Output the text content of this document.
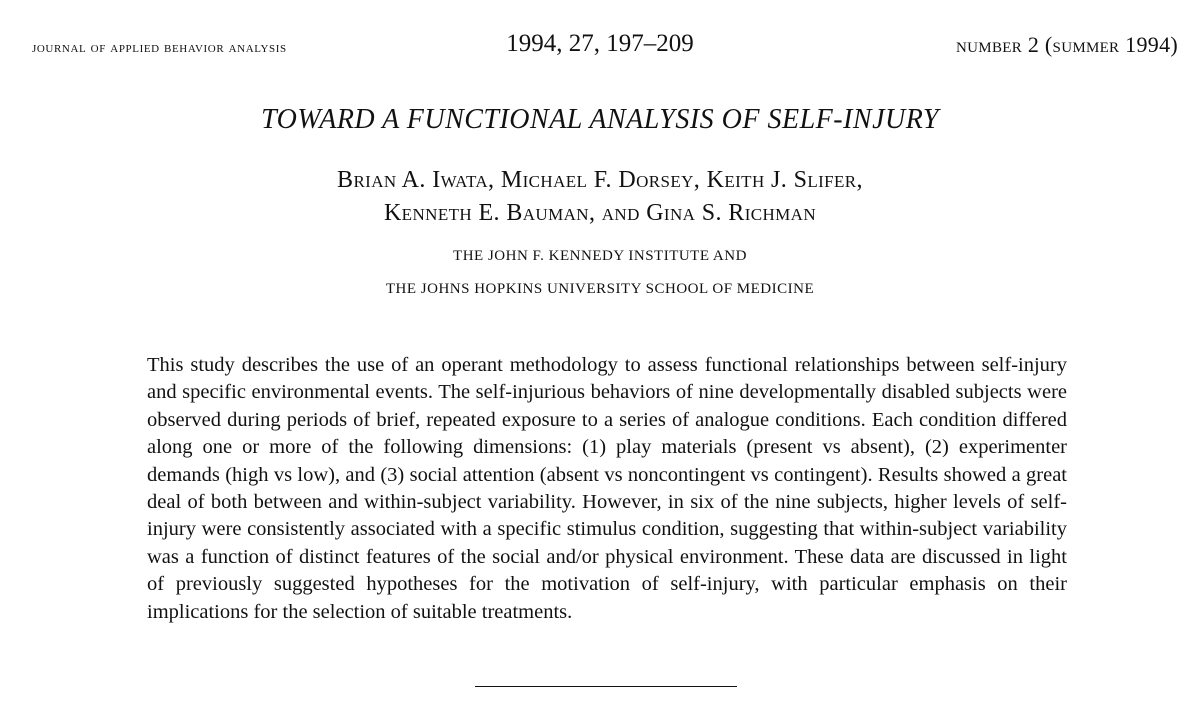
journal of applied behavior analysis	1994, 27, 197–209	number 2 (summer 1994)
TOWARD A FUNCTIONAL ANALYSIS OF SELF-INJURY
Brian A. Iwata, Michael F. Dorsey, Keith J. Slifer,
Kenneth E. Bauman, and Gina S. Richman
THE JOHN F. KENNEDY INSTITUTE AND
THE JOHNS HOPKINS UNIVERSITY SCHOOL OF MEDICINE

This study describes the use of an operant methodology to assess functional relationships between self-injury and specific environmental events. The self-injurious behaviors of nine developmentally disabled subjects were observed during periods of brief, repeated exposure to a series of analogue conditions. Each condition differed along one or more of the following dimensions: (1) play materials (present vs absent), (2) experimenter demands (high vs low), and (3) social attention (absent vs noncontingent vs contingent). Results showed a great deal of both between and within-subject variability. However, in six of the nine subjects, higher levels of self-injury were consistently associated with a specific stimulus condition, suggesting that within-subject variability was a function of distinct features of the social and/or physical environment. These data are discussed in light of previously suggested hypotheses for the motivation of self-injury, with particular emphasis on their implications for the selection of suitable treatments.
